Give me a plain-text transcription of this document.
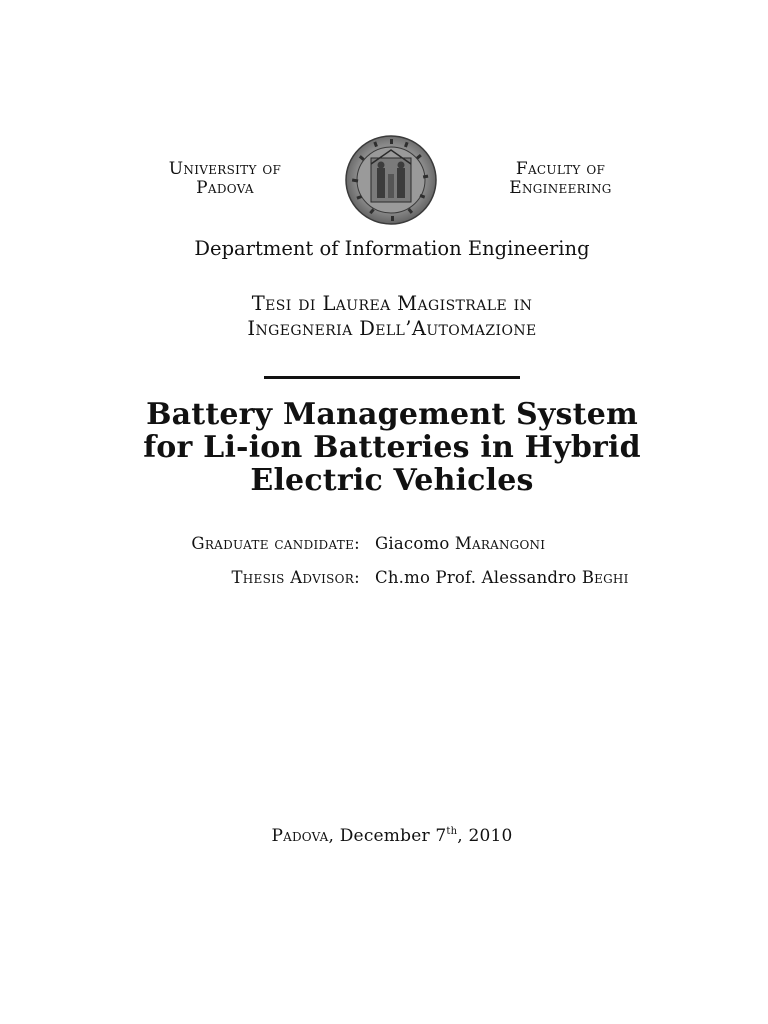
University of
Padova
Faculty of
Engineering
Department of Information Engineering
Tesi di Laurea Magistrale in
Ingegneria Dell’Automazione
Battery Management System
for Li-ion Batteries in Hybrid
Electric Vehicles
Graduate candidate: Giacomo Marangoni
Thesis Advisor: Ch.mo Prof. Alessandro Beghi
Padova, December 7th, 2010
